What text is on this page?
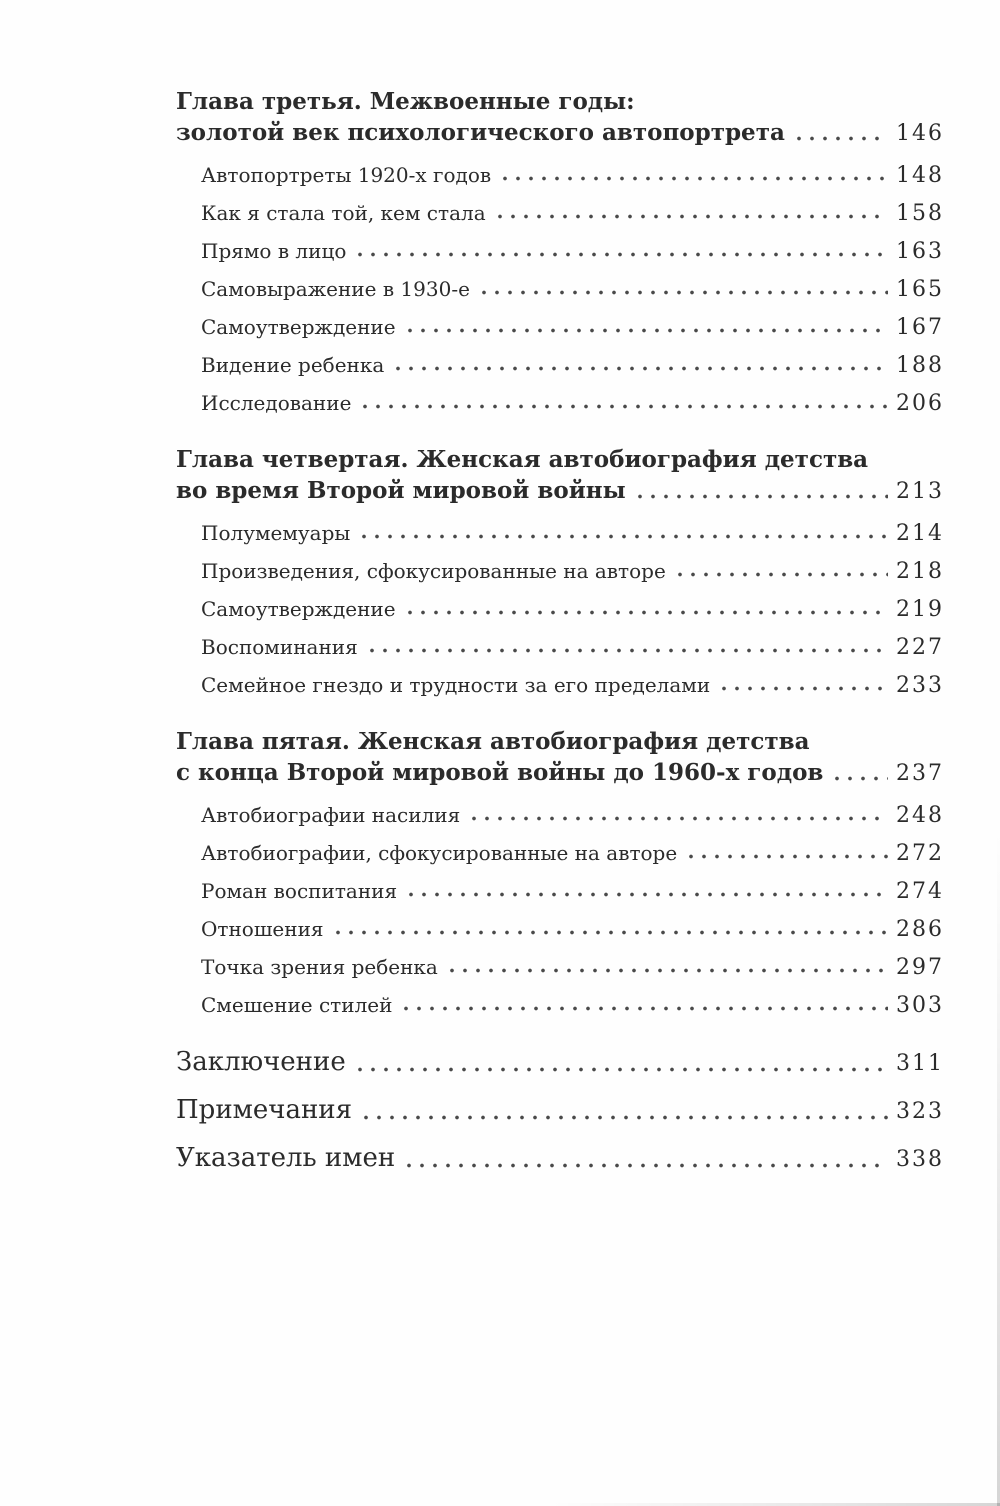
Глава третья. Межвоенные годы:
золотой век психологического автопортрета	146
Автопортреты 1920-х годов	148
Как я стала той, кем стала	158
Прямо в лицо	163
Самовыражение в 1930-е	165
Самоутверждение	167
Видение ребенка	188
Исследование	206
Глава четвертая. Женская автобиография детства
во время Второй мировой войны	213
Полумемуары	214
Произведения, сфокусированные на авторе	218
Самоутверждение	219
Воспоминания	227
Семейное гнездо и трудности за его пределами	233
Глава пятая. Женская автобиография детства
с конца Второй мировой войны до 1960-х годов	237
Автобиографии насилия	248
Автобиографии, сфокусированные на авторе	272
Роман воспитания	274
Отношения	286
Точка зрения ребенка	297
Смешение стилей	303
Заключение	311
Примечания	323
Указатель имен	338
